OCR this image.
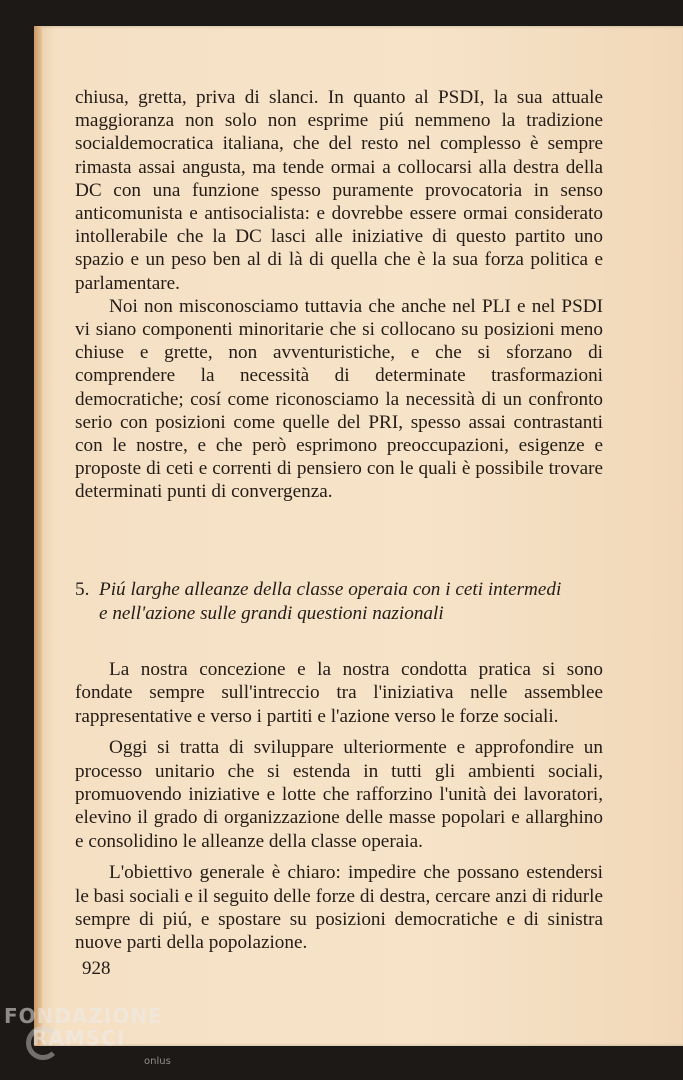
chiusa, gretta, priva di slanci. In quanto al PSDI, la sua attuale maggioranza non solo non esprime piú nemmeno la tradizione socialdemocratica italiana, che del resto nel complesso è sempre rimasta assai angusta, ma tende ormai a collocarsi alla destra della DC con una funzione spesso puramente provocatoria in senso anticomunista e antisocialista: e dovrebbe essere ormai considerato intollerabile che la DC lasci alle iniziative di questo partito uno spazio e un peso ben al di là di quella che è la sua forza politica e parlamentare.

Noi non misconosciamo tuttavia che anche nel PLI e nel PSDI vi siano componenti minoritarie che si collocano su posizioni meno chiuse e grette, non avventuristiche, e che si sforzano di comprendere la necessità di determinate trasformazioni democratiche; cosí come riconosciamo la necessità di un confronto serio con posizioni come quelle del PRI, spesso assai contrastanti con le nostre, e che però esprimono preoccupazioni, esigenze e proposte di ceti e correnti di pensiero con le quali è possibile trovare determinati punti di convergenza.

5. Piú larghe alleanze della classe operaia con i ceti intermedi
e nell'azione sulle grandi questioni nazionali

La nostra concezione e la nostra condotta pratica si sono fondate sempre sull'intreccio tra l'iniziativa nelle assemblee rappresentative e verso i partiti e l'azione verso le forze sociali.

Oggi si tratta di sviluppare ulteriormente e approfondire un processo unitario che si estenda in tutti gli ambienti sociali, promuovendo iniziative e lotte che rafforzino l'unità dei lavoratori, elevino il grado di organizzazione delle masse popolari e allarghino e consolidino le alleanze della classe operaia.

L'obiettivo generale è chiaro: impedire che possano estendersi le basi sociali e il seguito delle forze di destra, cercare anzi di ridurle sempre di piú, e spostare su posizioni democratiche e di sinistra nuove parti della popolazione.

928
FONDAZIONE
RAMSCI
onlus
